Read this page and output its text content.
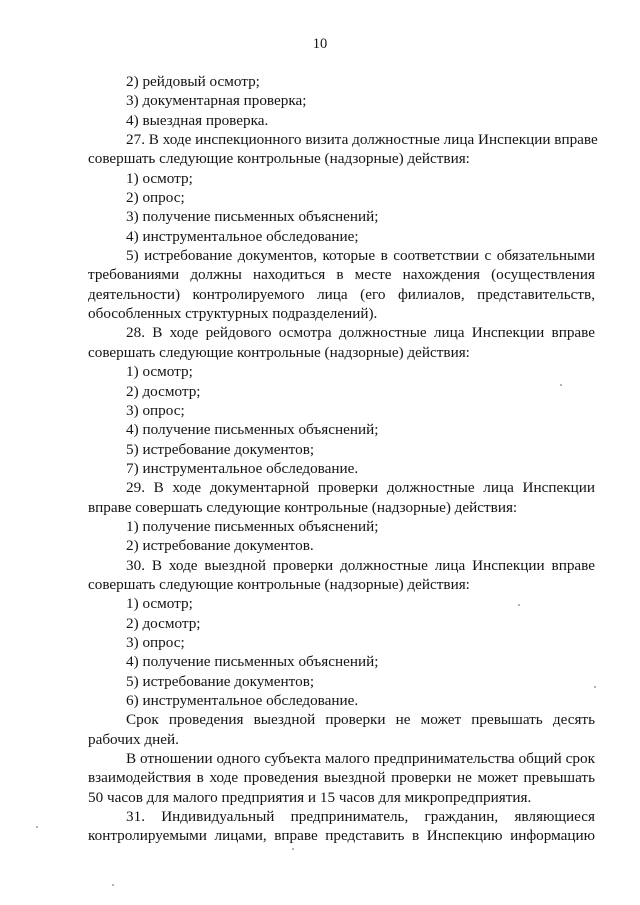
10
2) рейдовый осмотр;
3) документарная проверка;
4) выездная проверка.
27. В ходе инспекционного визита должностные лица Инспекции вправе
совершать следующие контрольные (надзорные) действия:
1) осмотр;
2) опрос;
3) получение письменных объяснений;
4) инструментальное обследование;
5) истребование документов, которые в соответствии с обязательными
требованиями должны находиться в месте нахождения (осуществления
деятельности) контролируемого лица (его филиалов, представительств,
обособленных структурных подразделений).
28. В ходе рейдового осмотра должностные лица Инспекции вправе
совершать следующие контрольные (надзорные) действия:
1) осмотр;
2) досмотр;
3) опрос;
4) получение письменных объяснений;
5) истребование документов;
7) инструментальное обследование.
29. В ходе документарной проверки должностные лица Инспекции
вправе совершать следующие контрольные (надзорные) действия:
1) получение письменных объяснений;
2) истребование документов.
30. В ходе выездной проверки должностные лица Инспекции вправе
совершать следующие контрольные (надзорные) действия:
1) осмотр;
2) досмотр;
3) опрос;
4) получение письменных объяснений;
5) истребование документов;
6) инструментальное обследование.
Срок проведения выездной проверки не может превышать десять
рабочих дней.
В отношении одного субъекта малого предпринимательства общий срок
взаимодействия в ходе проведения выездной проверки не может превышать
50 часов для малого предприятия и 15 часов для микропредприятия.
31. Индивидуальный предприниматель, гражданин, являющиеся
контролируемыми лицами, вправе представить в Инспекцию информацию
